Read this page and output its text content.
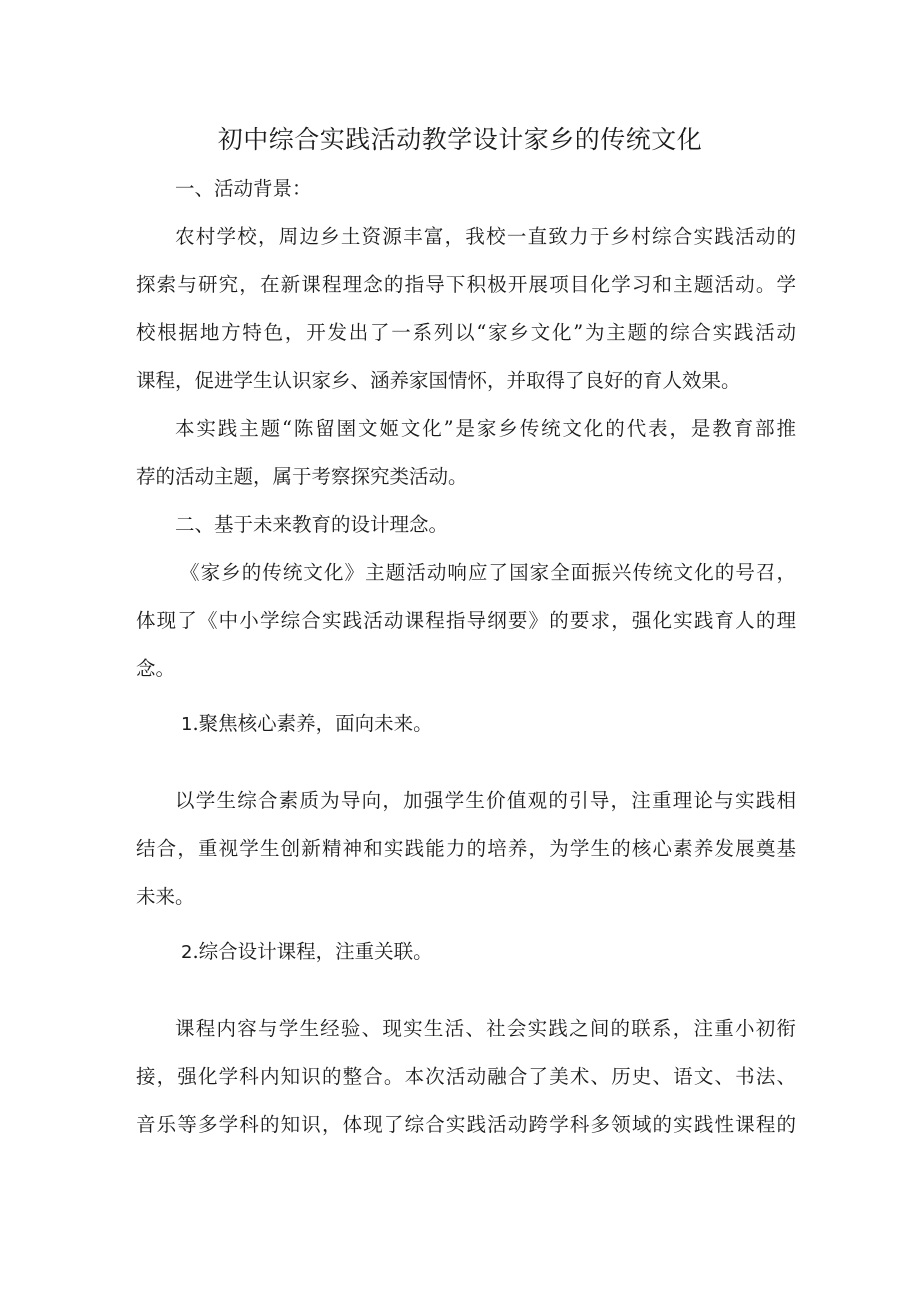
初中综合实践活动教学设计家乡的传统文化

一、活动背景：

农村学校，周边乡土资源丰富，我校一直致力于乡村综合实践活动的

探索与研究，在新课程理念的指导下积极开展项目化学习和主题活动。学

校根据地方特色，开发出了一系列以“家乡文化”为主题的综合实践活动

课程，促进学生认识家乡、涵养家国情怀，并取得了良好的育人效果。

本实践主题“陈留圉文姬文化”是家乡传统文化的代表，是教育部推

荐的活动主题，属于考察探究类活动。

二、基于未来教育的设计理念。

《家乡的传统文化》主题活动响应了国家全面振兴传统文化的号召，

体现了《中小学综合实践活动课程指导纲要》的要求，强化实践育人的理

念。

1.聚焦核心素养，面向未来。

以学生综合素质为导向，加强学生价值观的引导，注重理论与实践相

结合，重视学生创新精神和实践能力的培养，为学生的核心素养发展奠基

未来。

2.综合设计课程，注重关联。

课程内容与学生经验、现实生活、社会实践之间的联系，注重小初衔

接，强化学科内知识的整合。本次活动融合了美术、历史、语文、书法、

音乐等多学科的知识，体现了综合实践活动跨学科多领域的实践性课程的
